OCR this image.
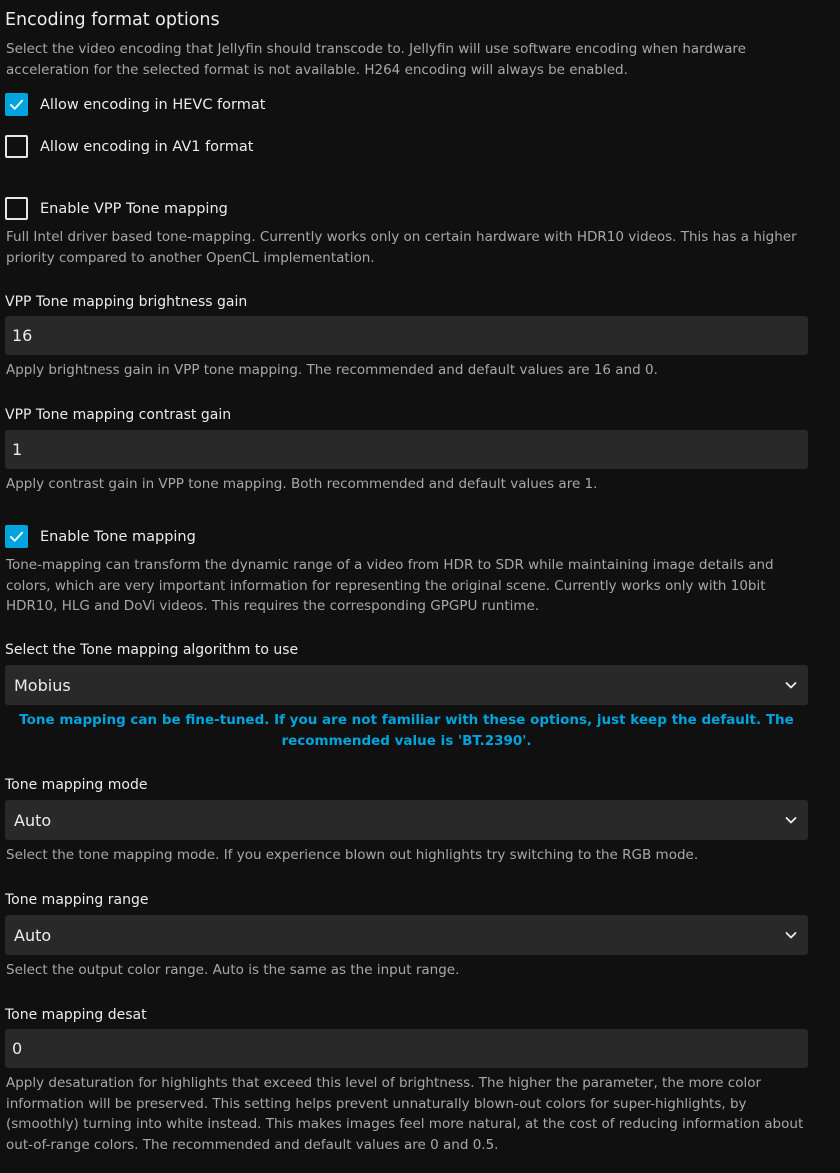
Encoding format options
Select the video encoding that Jellyfin should transcode to. Jellyfin will use software encoding when hardware acceleration for the selected format is not available. H264 encoding will always be enabled.
Allow encoding in HEVC format
Allow encoding in AV1 format
Enable VPP Tone mapping
Full Intel driver based tone-mapping. Currently works only on certain hardware with HDR10 videos. This has a higher priority compared to another OpenCL implementation.
VPP Tone mapping brightness gain
16
Apply brightness gain in VPP tone mapping. The recommended and default values are 16 and 0.
VPP Tone mapping contrast gain
1
Apply contrast gain in VPP tone mapping. Both recommended and default values are 1.
Enable Tone mapping
Tone-mapping can transform the dynamic range of a video from HDR to SDR while maintaining image details and colors, which are very important information for representing the original scene. Currently works only with 10bit HDR10, HLG and DoVi videos. This requires the corresponding GPGPU runtime.
Select the Tone mapping algorithm to use
Mobius
Tone mapping can be fine-tuned. If you are not familiar with these options, just keep the default. The recommended value is 'BT.2390'.
Tone mapping mode
Auto
Select the tone mapping mode. If you experience blown out highlights try switching to the RGB mode.
Tone mapping range
Auto
Select the output color range. Auto is the same as the input range.
Tone mapping desat
0
Apply desaturation for highlights that exceed this level of brightness. The higher the parameter, the more color information will be preserved. This setting helps prevent unnaturally blown-out colors for super-highlights, by (smoothly) turning into white instead. This makes images feel more natural, at the cost of reducing information about out-of-range colors. The recommended and default values are 0 and 0.5.
